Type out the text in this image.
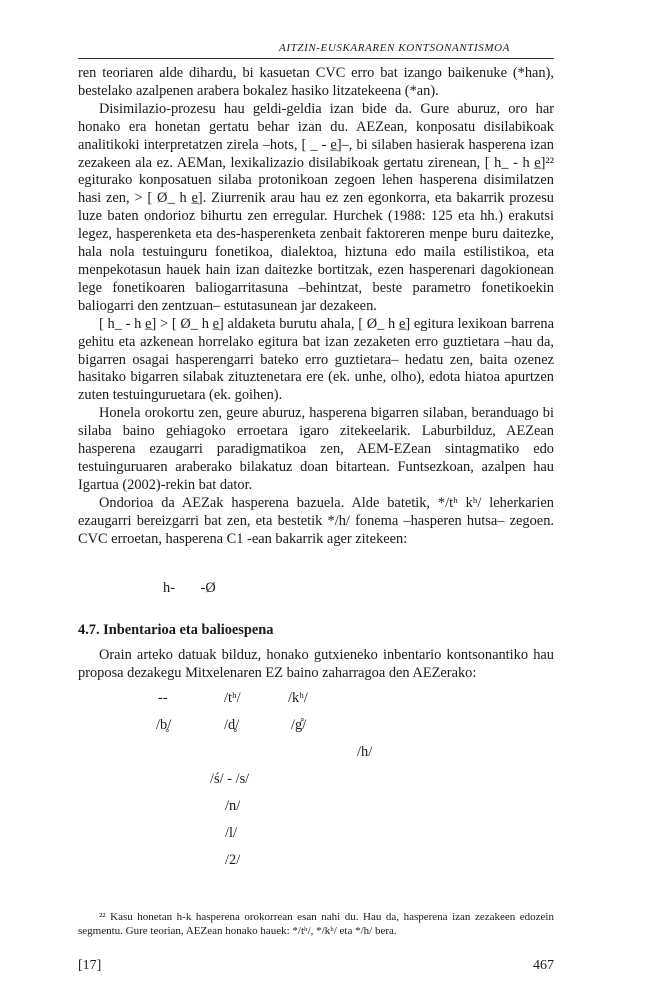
AITZIN-EUSKARAREN KONTSONANTISMOA

ren teoriaren alde dihardu, bi kasuetan CVC erro bat izango baikenuke (*han), bestelako azalpenen arabera bokalez hasiko litzatekeena (*an).

Disimilazio-prozesu hau geldi-geldia izan bide da. Gure aburuz, oro har honako era honetan gertatu behar izan du. AEZean, konposatu disilabikoak analitikoki interpretatzen zirela –hots, [ _ - e̲]–, bi silaben hasierak hasperena izan zezakeen ala ez. AEMan, lexikalizazio disilabikoak gertatu zirenean, [ h_ - h e̲]²² egiturako konposatuen silaba protonikoan zegoen lehen hasperena disimilatzen hasi zen, > [ Ø_ h e̲]. Ziurrenik arau hau ez zen egonkorra, eta bakarrik prozesu luze baten ondorioz bihurtu zen erregular. Hurchek (1988: 125 eta hh.) erakutsi legez, hasperenketa eta des-hasperenketa zenbait faktoreren menpe buru daitezke, hala nola testuinguru fonetikoa, dialektoa, hiztuna edo maila estilistikoa, eta menpekotasun hauek hain izan daitezke bortitzak, ezen hasperenari dagokionean lege fonetikoaren baliogarritasuna –behintzat, beste parametro fonetikoekin baliogarri den zentzuan– estutasunean jar dezakeen.

[ h_ - h e̲] > [ Ø_ h e̲] aldaketa burutu ahala, [ Ø_ h e̲] egitura lexikoan barrena gehitu eta azkenean horrelako egitura bat izan zezaketen erro guztietara –hau da, bigarren osagai hasperengarri bateko erro guztietara– hedatu zen, baita ozenez hasitako bigarren silabak zituztenetara ere (ek. unhe, olho), edota hiatoa apurtzen zuten testuinguruetara (ek. goihen).

Honela orokortu zen, geure aburuz, hasperena bigarren silaban, beranduago bi silaba baino gehiagoko erroetara igaro zitekeelarik. Laburbilduz, AEZean hasperena ezaugarri paradigmatikoa zen, AEM-EZean sintagmatiko edo testuinguruaren araberako bilakatuz doan bitartean. Funtsezkoan, azalpen hau Igartua (2002)-rekin bat dator.

Ondorioa da AEZak hasperena bazuela. Alde batetik, */tʰ kʰ/ leherkarien ezaugarri bereizgarri bat zen, eta bestetik */h/ fonema –hasperen hutsa– zegoen. CVC erroetan, hasperena C1 -ean bakarrik ager zitekeen:

h- -Ø
4.7. Inbentarioa eta balioespena

Orain arteko datuak bilduz, honako gutxieneko inbentario kontsonantiko hau proposa dezakegu Mitxelenaren EZ baino zaharragoa den AEZerako:

--	/tʰ/	/kʰ/
/b̥/	/d̥/	/g̊/
/h/
/ś/ - /s/
/n/
/l/
/2/

²² Kasu honetan h-k hasperena orokorrean esan nahi du. Hau da, hasperena izan zezakeen edozein segmentu. Gure teorian, AEZean honako hauek: */tʰ/, */kʰ/ eta */h/ bera.

[17]	467
